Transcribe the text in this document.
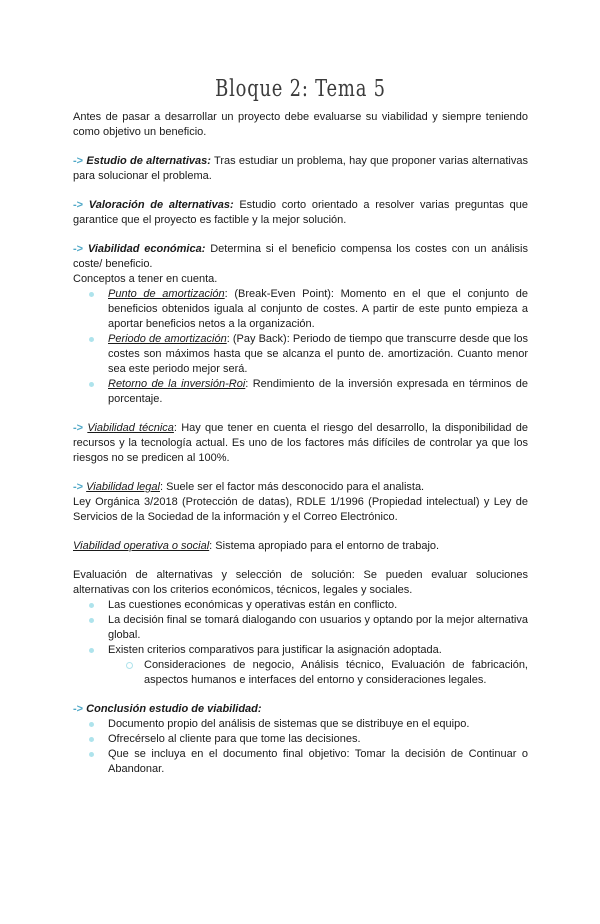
Bloque 2: Tema 5

Antes de pasar a desarrollar un proyecto debe evaluarse su viabilidad y siempre teniendo como objetivo un beneficio.

-> Estudio de alternativas: Tras estudiar un problema, hay que proponer varias alternativas para solucionar el problema.

-> Valoración de alternativas: Estudio corto orientado a resolver varias preguntas que garantice que el proyecto es factible y la mejor solución.

-> Viabilidad económica: Determina si el beneficio compensa los costes con un análisis coste/ beneficio.

Conceptos a tener en cuenta.

Punto de amortización: (Break-Even Point): Momento en el que el conjunto de beneficios obtenidos iguala al conjunto de costes. A partir de este punto empieza a aportar beneficios netos a la organización.
Periodo de amortización: (Pay Back): Periodo de tiempo que transcurre desde que los costes son máximos hasta que se alcanza el punto de. amortización. Cuanto menor sea este periodo mejor será.
Retorno de la inversión-Roi: Rendimiento de la inversión expresada en términos de porcentaje.

-> Viabilidad técnica: Hay que tener en cuenta el riesgo del desarrollo, la disponibilidad de recursos y la tecnología actual. Es uno de los factores más difíciles de controlar ya que los riesgos no se predicen al 100%.

-> Viabilidad legal: Suele ser el factor más desconocido para el analista.

Ley Orgánica 3/2018 (Protección de datas), RDLE 1/1996 (Propiedad intelectual) y Ley de Servicios de la Sociedad de la información y el Correo Electrónico.

Viabilidad operativa o social: Sistema apropiado para el entorno de trabajo.

Evaluación de alternativas y selección de solución: Se pueden evaluar soluciones alternativas con los criterios económicos, técnicos, legales y sociales.

Las cuestiones económicas y operativas están en conflicto.
La decisión final se tomará dialogando con usuarios y optando por la mejor alternativa global.
Existen criterios comparativos para justificar la asignación adoptada.
Consideraciones de negocio, Análisis técnico, Evaluación de fabricación, aspectos humanos e interfaces del entorno y consideraciones legales.

-> Conclusión estudio de viabilidad:

Documento propio del análisis de sistemas que se distribuye en el equipo.
Ofrecérselo al cliente para que tome las decisiones.
Que se incluya en el documento final objetivo: Tomar la decisión de Continuar o Abandonar.
